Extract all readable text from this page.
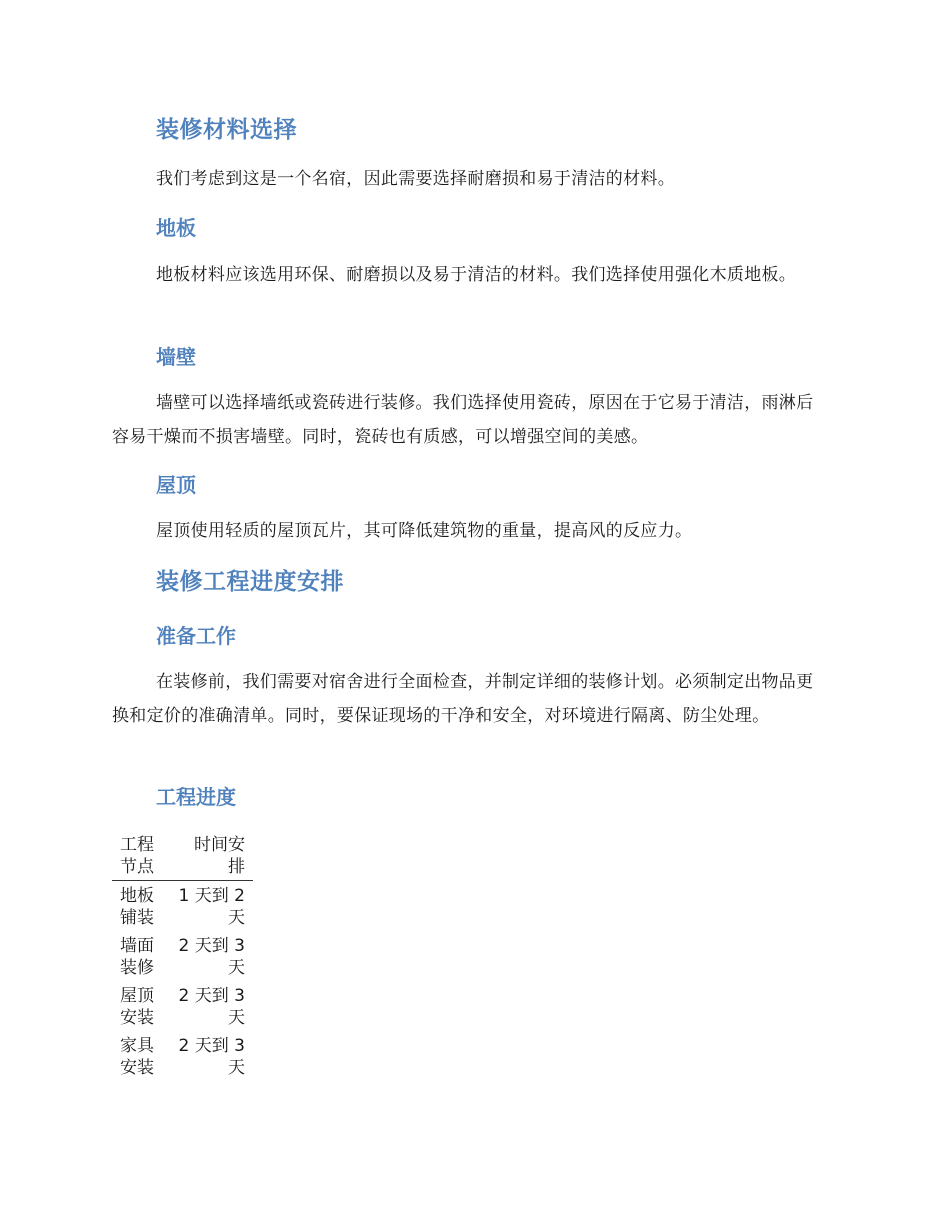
装修材料选择
我们考虑到这是一个名宿，因此需要选择耐磨损和易于清洁的材料。
地板
地板材料应该选用环保、耐磨损以及易于清洁的材料。我们选择使用强化木质地板。
墙壁
墙壁可以选择墙纸或瓷砖进行装修。我们选择使用瓷砖，原因在于它易于清洁，雨淋后容易干燥而不损害墙壁。同时，瓷砖也有质感，可以增强空间的美感。
屋顶
屋顶使用轻质的屋顶瓦片，其可降低建筑物的重量，提高风的反应力。
装修工程进度安排
准备工作
在装修前，我们需要对宿舍进行全面检查，并制定详细的装修计划。必须制定出物品更换和定价的准确清单。同时，要保证现场的干净和安全，对环境进行隔离、防尘处理。
工程进度
工程节点	时间安排
地板铺装	1 天到 2 天
墙面装修	2 天到 3 天
屋顶安装	2 天到 3 天
家具安装	2 天到 3 天
